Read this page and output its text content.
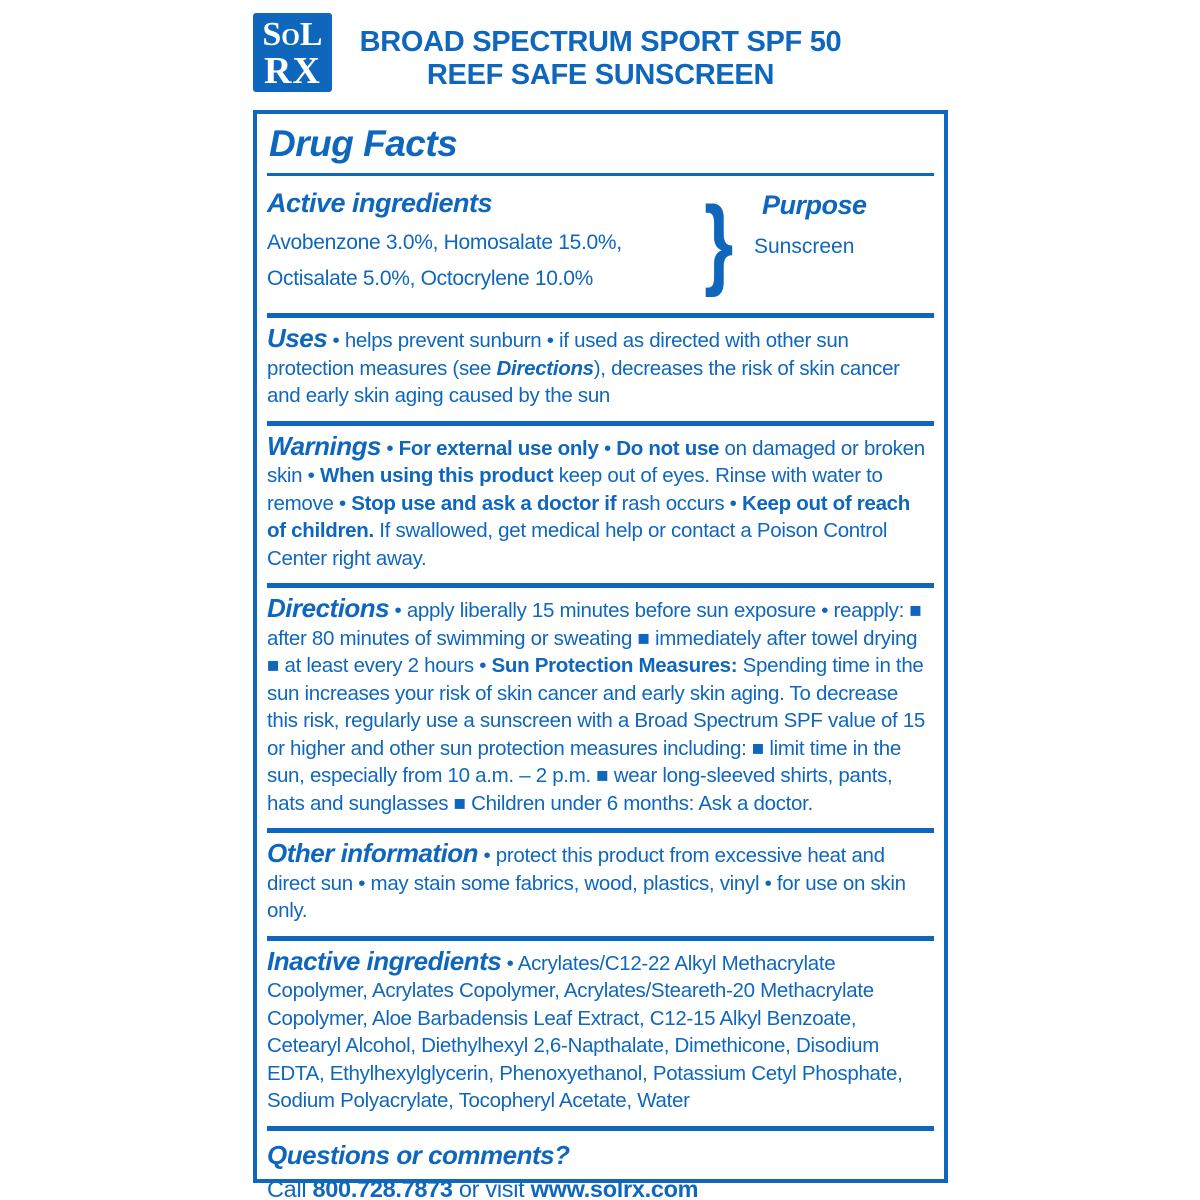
SoL
RX
BROAD SPECTRUM SPORT SPF 50
REEF SAFE SUNSCREEN
Drug Facts
Active ingredients

Avobenzone 3.0%, Homosalate 15.0%,

Octisalate 5.0%, Octocrylene 10.0%	}	Purpose

Sunscreen

Uses • helps prevent sunburn • if used as directed with other sun protection measures (see Directions), decreases the risk of skin cancer and early skin aging caused by the sun

Warnings • For external use only • Do not use on damaged or broken skin • When using this product keep out of eyes. Rinse with water to remove • Stop use and ask a doctor if rash occurs • Keep out of reach of children. If swallowed, get medical help or contact a Poison Control Center right away.

Directions • apply liberally 15 minutes before sun exposure • reapply: ■ after 80 minutes of swimming or sweating ■ immediately after towel drying ■ at least every 2 hours • Sun Protection Measures: Spending time in the sun increases your risk of skin cancer and early skin aging. To decrease this risk, regularly use a sunscreen with a Broad Spectrum SPF value of 15 or higher and other sun protection measures including: ■ limit time in the sun, especially from 10 a.m. – 2 p.m. ■ wear long-sleeved shirts, pants, hats and sunglasses ■ Children under 6 months: Ask a doctor.

Other information • protect this product from excessive heat and direct sun • may stain some fabrics, wood, plastics, vinyl • for use on skin only.

Inactive ingredients • Acrylates/C12-22 Alkyl Methacrylate Copolymer, Acrylates Copolymer, Acrylates/Steareth-20 Methacrylate Copolymer, Aloe Barbadensis Leaf Extract, C12-15 Alkyl Benzoate, Cetearyl Alcohol, Diethylhexyl 2,6-Napthalate, Dimethicone, Disodium EDTA, Ethylhexylglycerin, Phenoxyethanol, Potassium Cetyl Phosphate, Sodium Polyacrylate, Tocopheryl Acetate, Water

Questions or comments?

Call 800.728.7873 or visit www.solrx.com
